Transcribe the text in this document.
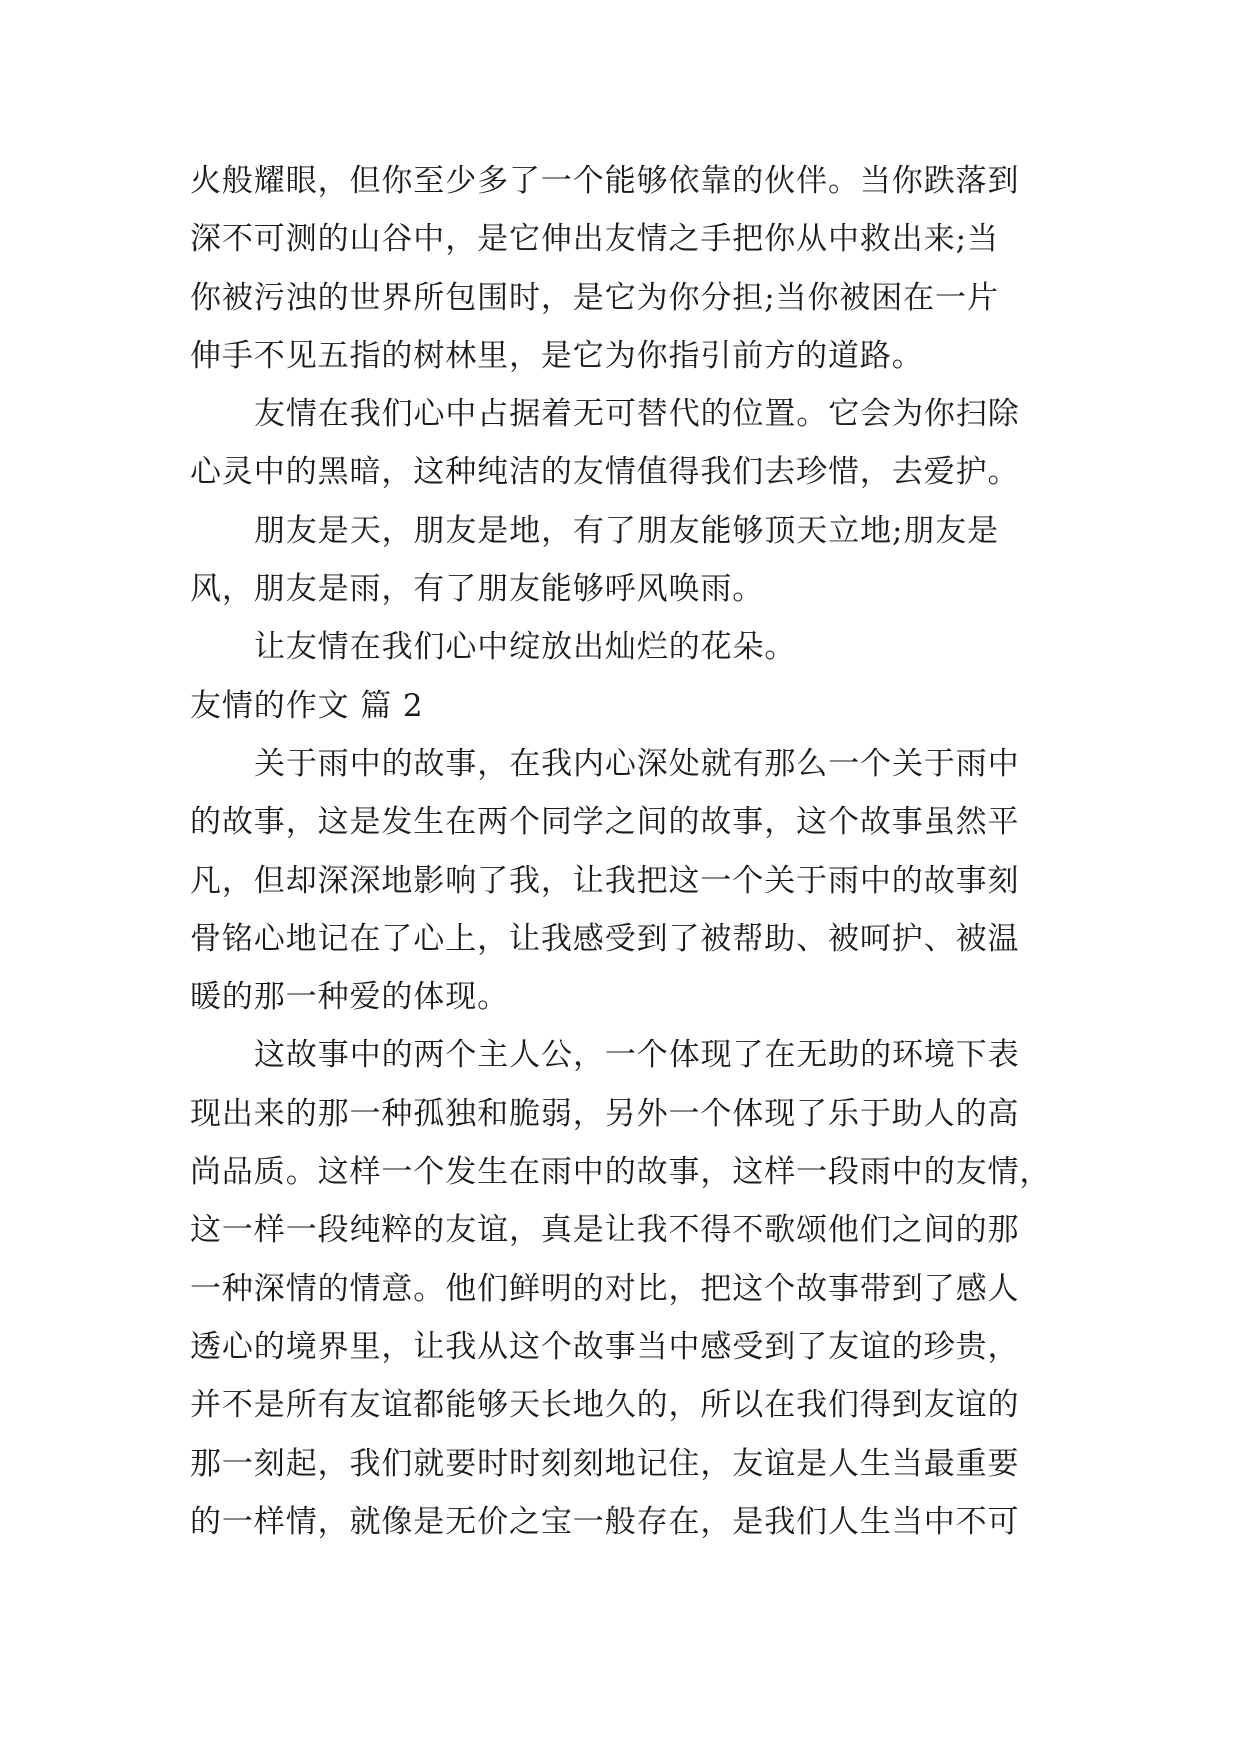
火般耀眼，但你至少多了一个能够依靠的伙伴。当你跌落到
深不可测的山谷中，是它伸出友情之手把你从中救出来;当
你被污浊的世界所包围时，是它为你分担;当你被困在一片
伸手不见五指的树林里，是它为你指引前方的道路。
友情在我们心中占据着无可替代的位置。它会为你扫除
心灵中的黑暗，这种纯洁的友情值得我们去珍惜，去爱护。
朋友是天，朋友是地，有了朋友能够顶天立地;朋友是
风，朋友是雨，有了朋友能够呼风唤雨。
让友情在我们心中绽放出灿烂的花朵。
友情的作文 篇 2
关于雨中的故事，在我内心深处就有那么一个关于雨中
的故事，这是发生在两个同学之间的故事，这个故事虽然平
凡，但却深深地影响了我，让我把这一个关于雨中的故事刻
骨铭心地记在了心上，让我感受到了被帮助、被呵护、被温
暖的那一种爱的体现。
这故事中的两个主人公，一个体现了在无助的环境下表
现出来的那一种孤独和脆弱，另外一个体现了乐于助人的高
尚品质。这样一个发生在雨中的故事，这样一段雨中的友情，
这一样一段纯粹的友谊，真是让我不得不歌颂他们之间的那
一种深情的情意。他们鲜明的对比，把这个故事带到了感人
透心的境界里，让我从这个故事当中感受到了友谊的珍贵，
并不是所有友谊都能够天长地久的，所以在我们得到友谊的
那一刻起，我们就要时时刻刻地记住，友谊是人生当最重要
的一样情，就像是无价之宝一般存在，是我们人生当中不可
